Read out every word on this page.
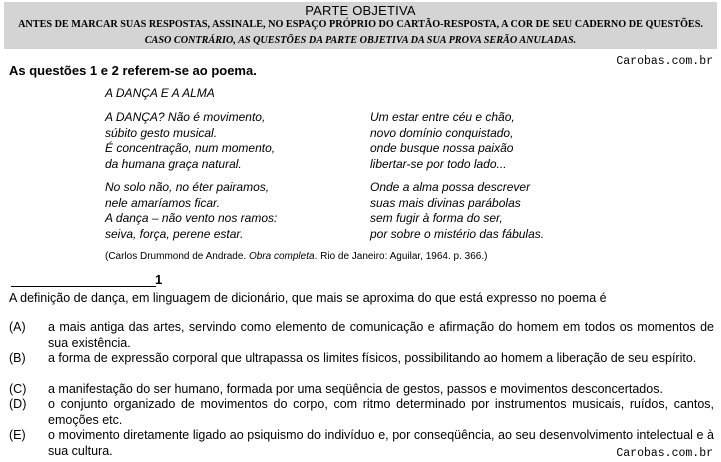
PARTE OBJETIVA
ANTES DE MARCAR SUAS RESPOSTAS, ASSINALE, NO ESPAÇO PRÓPRIO DO CARTÃO-RESPOSTA, A COR DE SEU CADERNO DE QUESTÕES.
CASO CONTRÁRIO, AS QUESTÕES DA PARTE OBJETIVA DA SUA PROVA SERÃO ANULADAS.
Carobas.com.br
As questões 1 e 2 referem-se ao poema.
A DANÇA E A ALMA
A DANÇA? Não é movimento,
súbito gesto musical.
É concentração, num momento,
da humana graça natural.
No solo não, no éter pairamos,
nele amaríamos ficar.
A dança – não vento nos ramos:
seiva, força, perene estar.
Um estar entre céu e chão,
novo domínio conquistado,
onde busque nossa paixão
libertar-se por todo lado...
Onde a alma possa descrever
suas mais divinas parábolas
sem fugir à forma do ser,
por sobre o mistério das fábulas.
(Carlos Drummond de Andrade. Obra completa. Rio de Janeiro: Aguilar, 1964. p. 366.)
1
A definição de dança, em linguagem de dicionário, que mais se aproxima do que está expresso no poema é
(A) a mais antiga das artes, servindo como elemento de comunicação e afirmação do homem em todos os momentos de sua existência.
(B) a forma de expressão corporal que ultrapassa os limites físicos, possibilitando ao homem a liberação de seu espírito.
(C) a manifestação do ser humano, formada por uma seqüência de gestos, passos e movimentos desconcertados.
(D) o conjunto organizado de movimentos do corpo, com ritmo determinado por instrumentos musicais, ruídos, cantos, emoções etc.
(E) o movimento diretamente ligado ao psiquismo do indivíduo e, por conseqüência, ao seu desenvolvimento intelectual e à sua cultura.	Carobas.com.br
